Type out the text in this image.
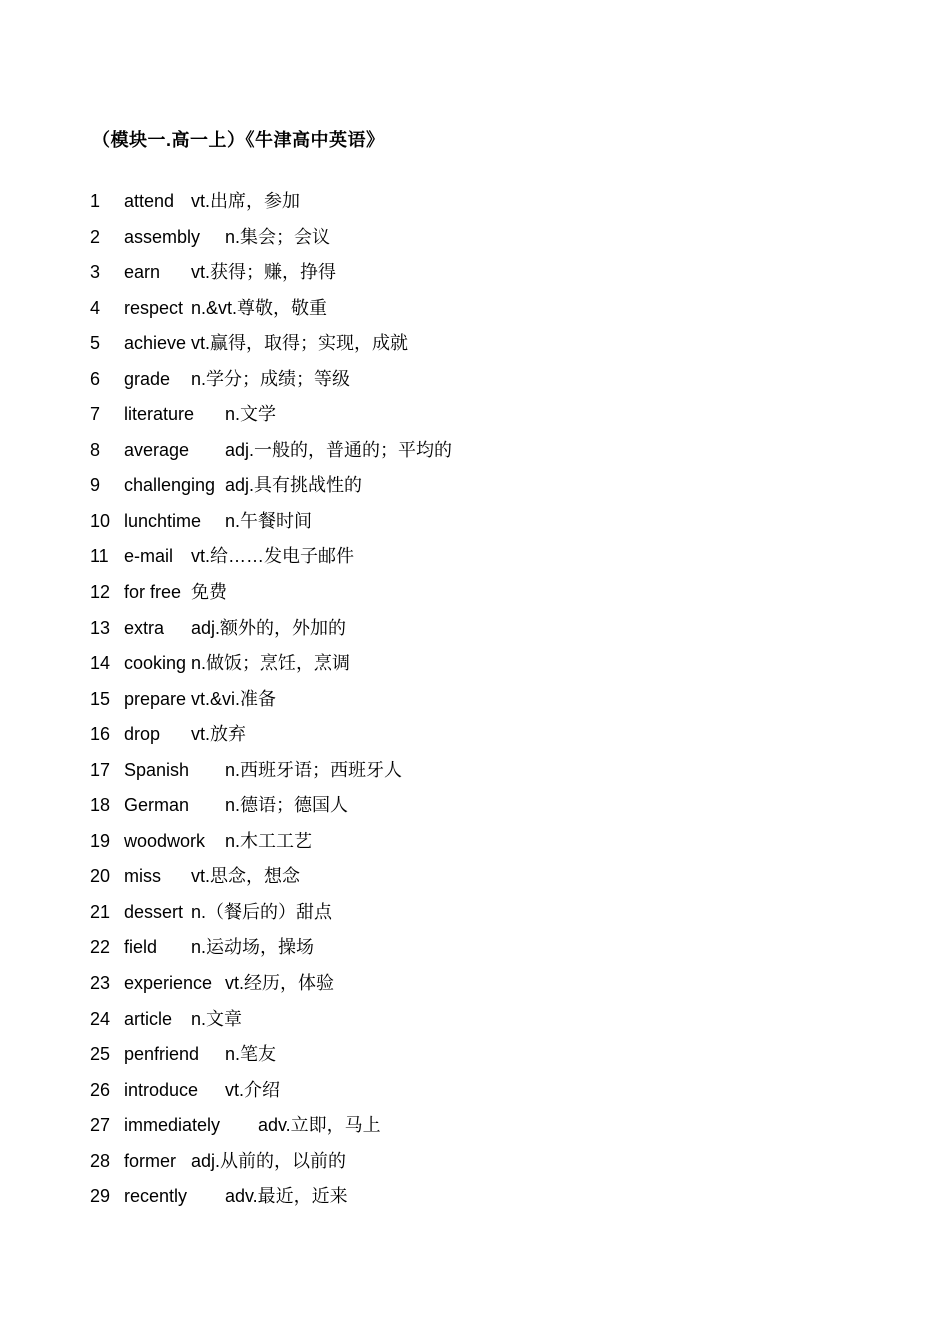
（模块一.高一上）《牛津高中英语》
1 attend vt.出席，参加
2 assembly n.集会；会议
3 earn vt.获得；赚，挣得
4 respect n.&vt.尊敬，敬重
5 achieve vt.赢得，取得；实现，成就
6 grade n.学分；成绩；等级
7 literature n.文学
8 average adj.一般的，普通的；平均的
9 challenging adj.具有挑战性的
10 lunchtime n.午餐时间
11 e-mail vt.给……发电子邮件
12 for free 免费
13 extra adj.额外的，外加的
14 cooking n.做饭；烹饪，烹调
15 prepare vt.&vi.准备
16 drop vt.放弃
17 Spanish n.西班牙语；西班牙人
18 German n.德语；德国人
19 woodwork n.木工工艺
20 miss vt.思念，想念
21 dessert n.（餐后的）甜点
22 field n.运动场，操场
23 experience vt.经历，体验
24 article n.文章
25 penfriend n.笔友
26 introduce vt.介绍
27 immediately adv.立即，马上
28 former adj.从前的，以前的
29 recently adv.最近，近来
